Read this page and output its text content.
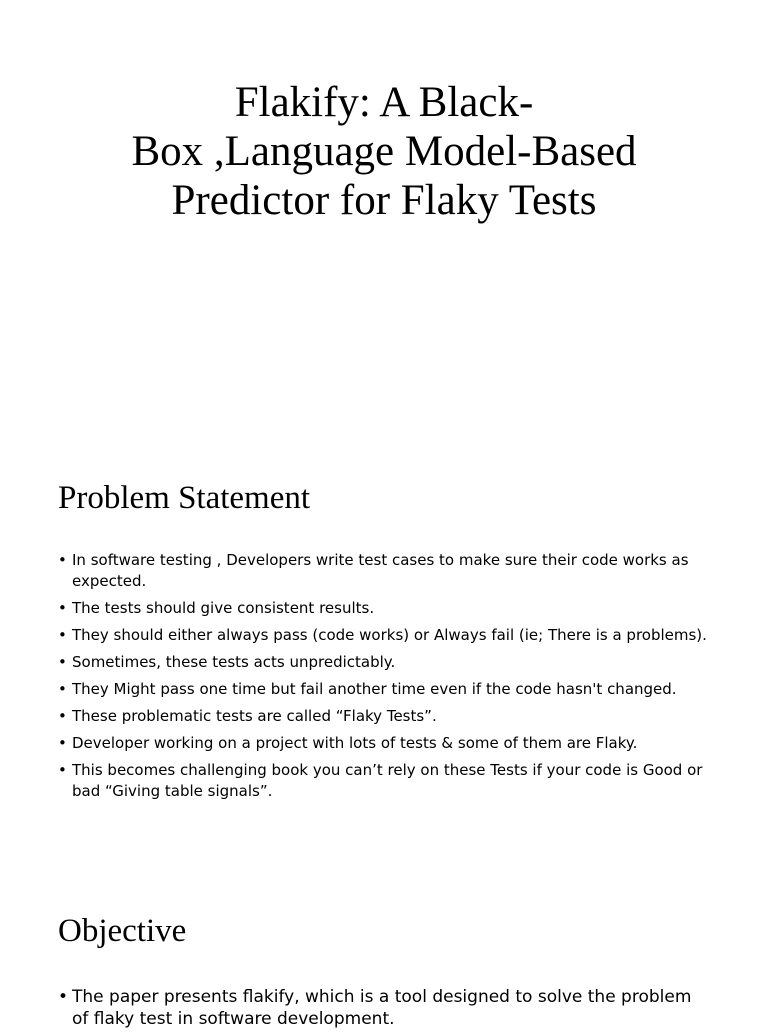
Flakify: A Black-
Box ,Language Model-Based
Predictor for Flaky Tests
Problem Statement
• In software testing , Developers write test cases to make sure their code works as expected.
• The tests should give consistent results.
• They should either always pass (code works) or Always fail (ie; There is a problems).
• Sometimes, these tests acts unpredictably.
• They Might pass one time but fail another time even if the code hasn't changed.
• These problematic tests are called “Flaky Tests”.
• Developer working on a project with lots of tests & some of them are Flaky.
• This becomes challenging book you can’t rely on these Tests if your code is Good or bad “Giving table signals”.
Objective
• The paper presents flakify, which is a tool designed to solve the problem of flaky test in software development.
